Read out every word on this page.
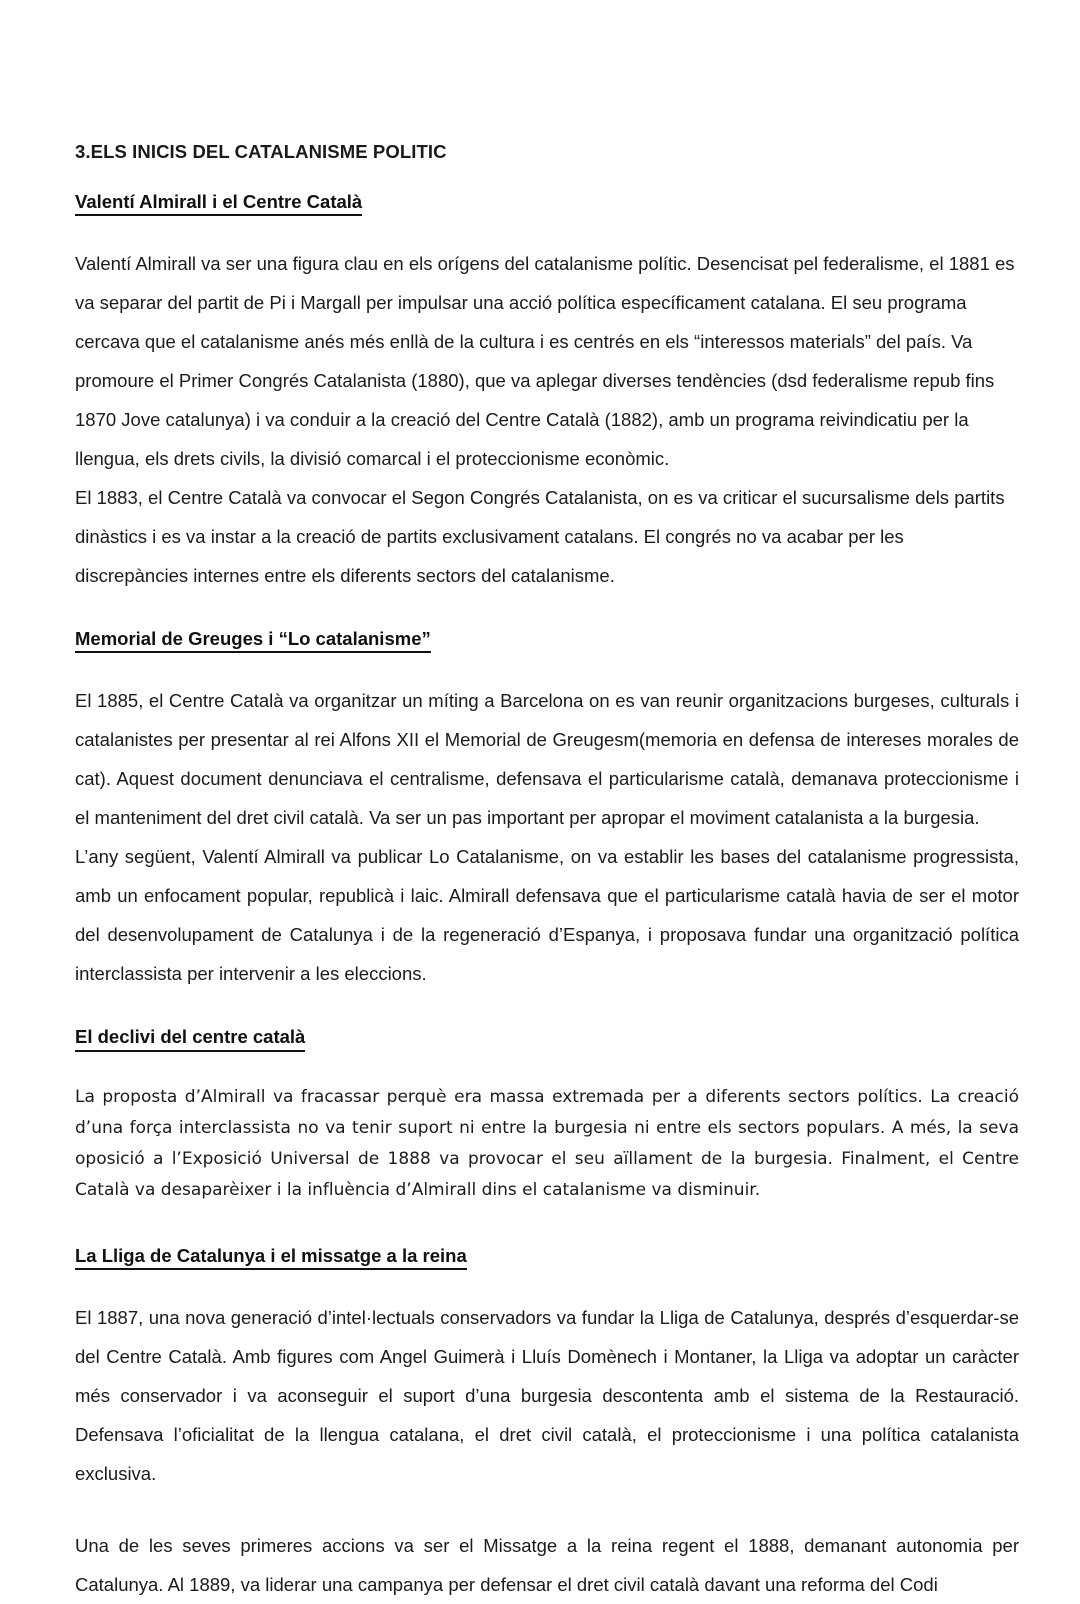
3.ELS INICIS DEL CATALANISME POLITIC
Valentí Almirall i el Centre Català

Valentí Almirall va ser una figura clau en els orígens del catalanisme polític. Desencisat pel federalisme, el 1881 es va separar del partit de Pi i Margall per impulsar una acció política específicament catalana. El seu programa cercava que el catalanisme anés més enllà de la cultura i es centrés en els “interessos materials” del país. Va promoure el Primer Congrés Catalanista (1880), que va aplegar diverses tendències (dsd federalisme repub fins 1870 Jove catalunya) i va conduir a la creació del Centre Català (1882), amb un programa reivindicatiu per la llengua, els drets civils, la divisió comarcal i el proteccionisme econòmic.

El 1883, el Centre Català va convocar el Segon Congrés Catalanista, on es va criticar el sucursalisme dels partits dinàstics i es va instar a la creació de partits exclusivament catalans. El congrés no va acabar per les discrepàncies internes entre els diferents sectors del catalanisme.

Memorial de Greuges i “Lo catalanisme”

El 1885, el Centre Català va organitzar un míting a Barcelona on es van reunir organitzacions burgeses, culturals i catalanistes per presentar al rei Alfons XII el Memorial de Greugesm(memoria en defensa de intereses morales de cat). Aquest document denunciava el centralisme, defensava el particularisme català, demanava proteccionisme i el manteniment del dret civil català. Va ser un pas important per apropar el moviment catalanista a la burgesia.

L’any següent, Valentí Almirall va publicar Lo Catalanisme, on va establir les bases del catalanisme progressista, amb un enfocament popular, republicà i laic. Almirall defensava que el particularisme català havia de ser el motor del desenvolupament de Catalunya i de la regeneració d’Espanya, i proposava fundar una organització política interclassista per intervenir a les eleccions.

El declivi del centre català

La proposta d’Almirall va fracassar perquè era massa extremada per a diferents sectors polítics. La creació d’una força interclassista no va tenir suport ni entre la burgesia ni entre els sectors populars. A més, la seva oposició a l’Exposició Universal de 1888 va provocar el seu aïllament de la burgesia. Finalment, el Centre Català va desaparèixer i la influència d’Almirall dins el catalanisme va disminuir.

La Lliga de Catalunya i el missatge a la reina

El 1887, una nova generació d’intel·lectuals conservadors va fundar la Lliga de Catalunya, després d’esquerdar-se del Centre Català. Amb figures com Angel Guimerà i Lluís Domènech i Montaner, la Lliga va adoptar un caràcter més conservador i va aconseguir el suport d’una burgesia descontenta amb el sistema de la Restauració. Defensava l’oficialitat de la llengua catalana, el dret civil català, el proteccionisme i una política catalanista exclusiva.

Una de les seves primeres accions va ser el Missatge a la reina regent el 1888, demanant autonomia per Catalunya. Al 1889, va liderar una campanya per defensar el dret civil català davant una reforma del Codi
